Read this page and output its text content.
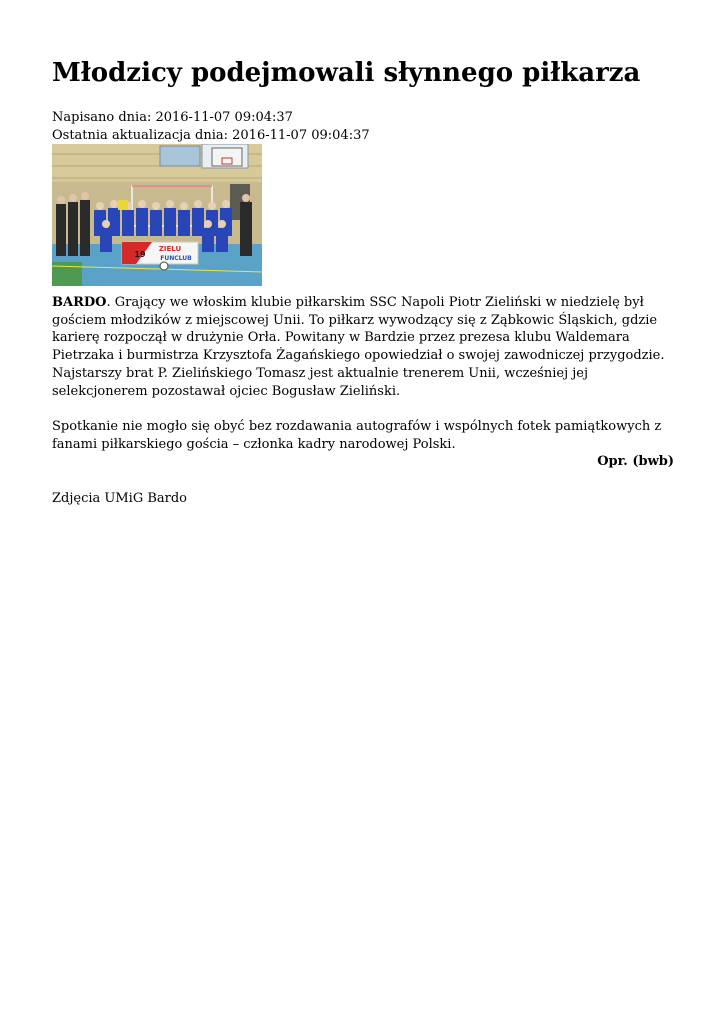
Młodzicy podejmowali słynnego piłkarza
Napisano dnia: 2016-11-07 09:04:37
Ostatnia aktualizacja dnia: 2016-11-07 09:04:37
ZIELU
FUNCLUB
19

BARDO. Grający we włoskim klubie piłkarskim SSC Napoli Piotr Zieliński w niedzielę był gościem młodzików z miejscowej Unii. To piłkarz wywodzący się z Ząbkowic Śląskich, gdzie karierę rozpoczął w drużynie Orła. Powitany w Bardzie przez prezesa klubu Waldemara Pietrzaka i burmistrza Krzysztofa Żagańskiego opowiedział o swojej zawodniczej przygodzie. Najstarszy brat P. Zielińskiego Tomasz jest aktualnie trenerem Unii, wcześniej jej selekcjonerem pozostawał ojciec Bogusław Zieliński.

Spotkanie nie mogło się obyć bez rozdawania autografów i wspólnych fotek pamiątkowych z fanami piłkarskiego gościa – członka kadry narodowej Polski.

Opr. (bwb)
Zdjęcia UMiG Bardo
